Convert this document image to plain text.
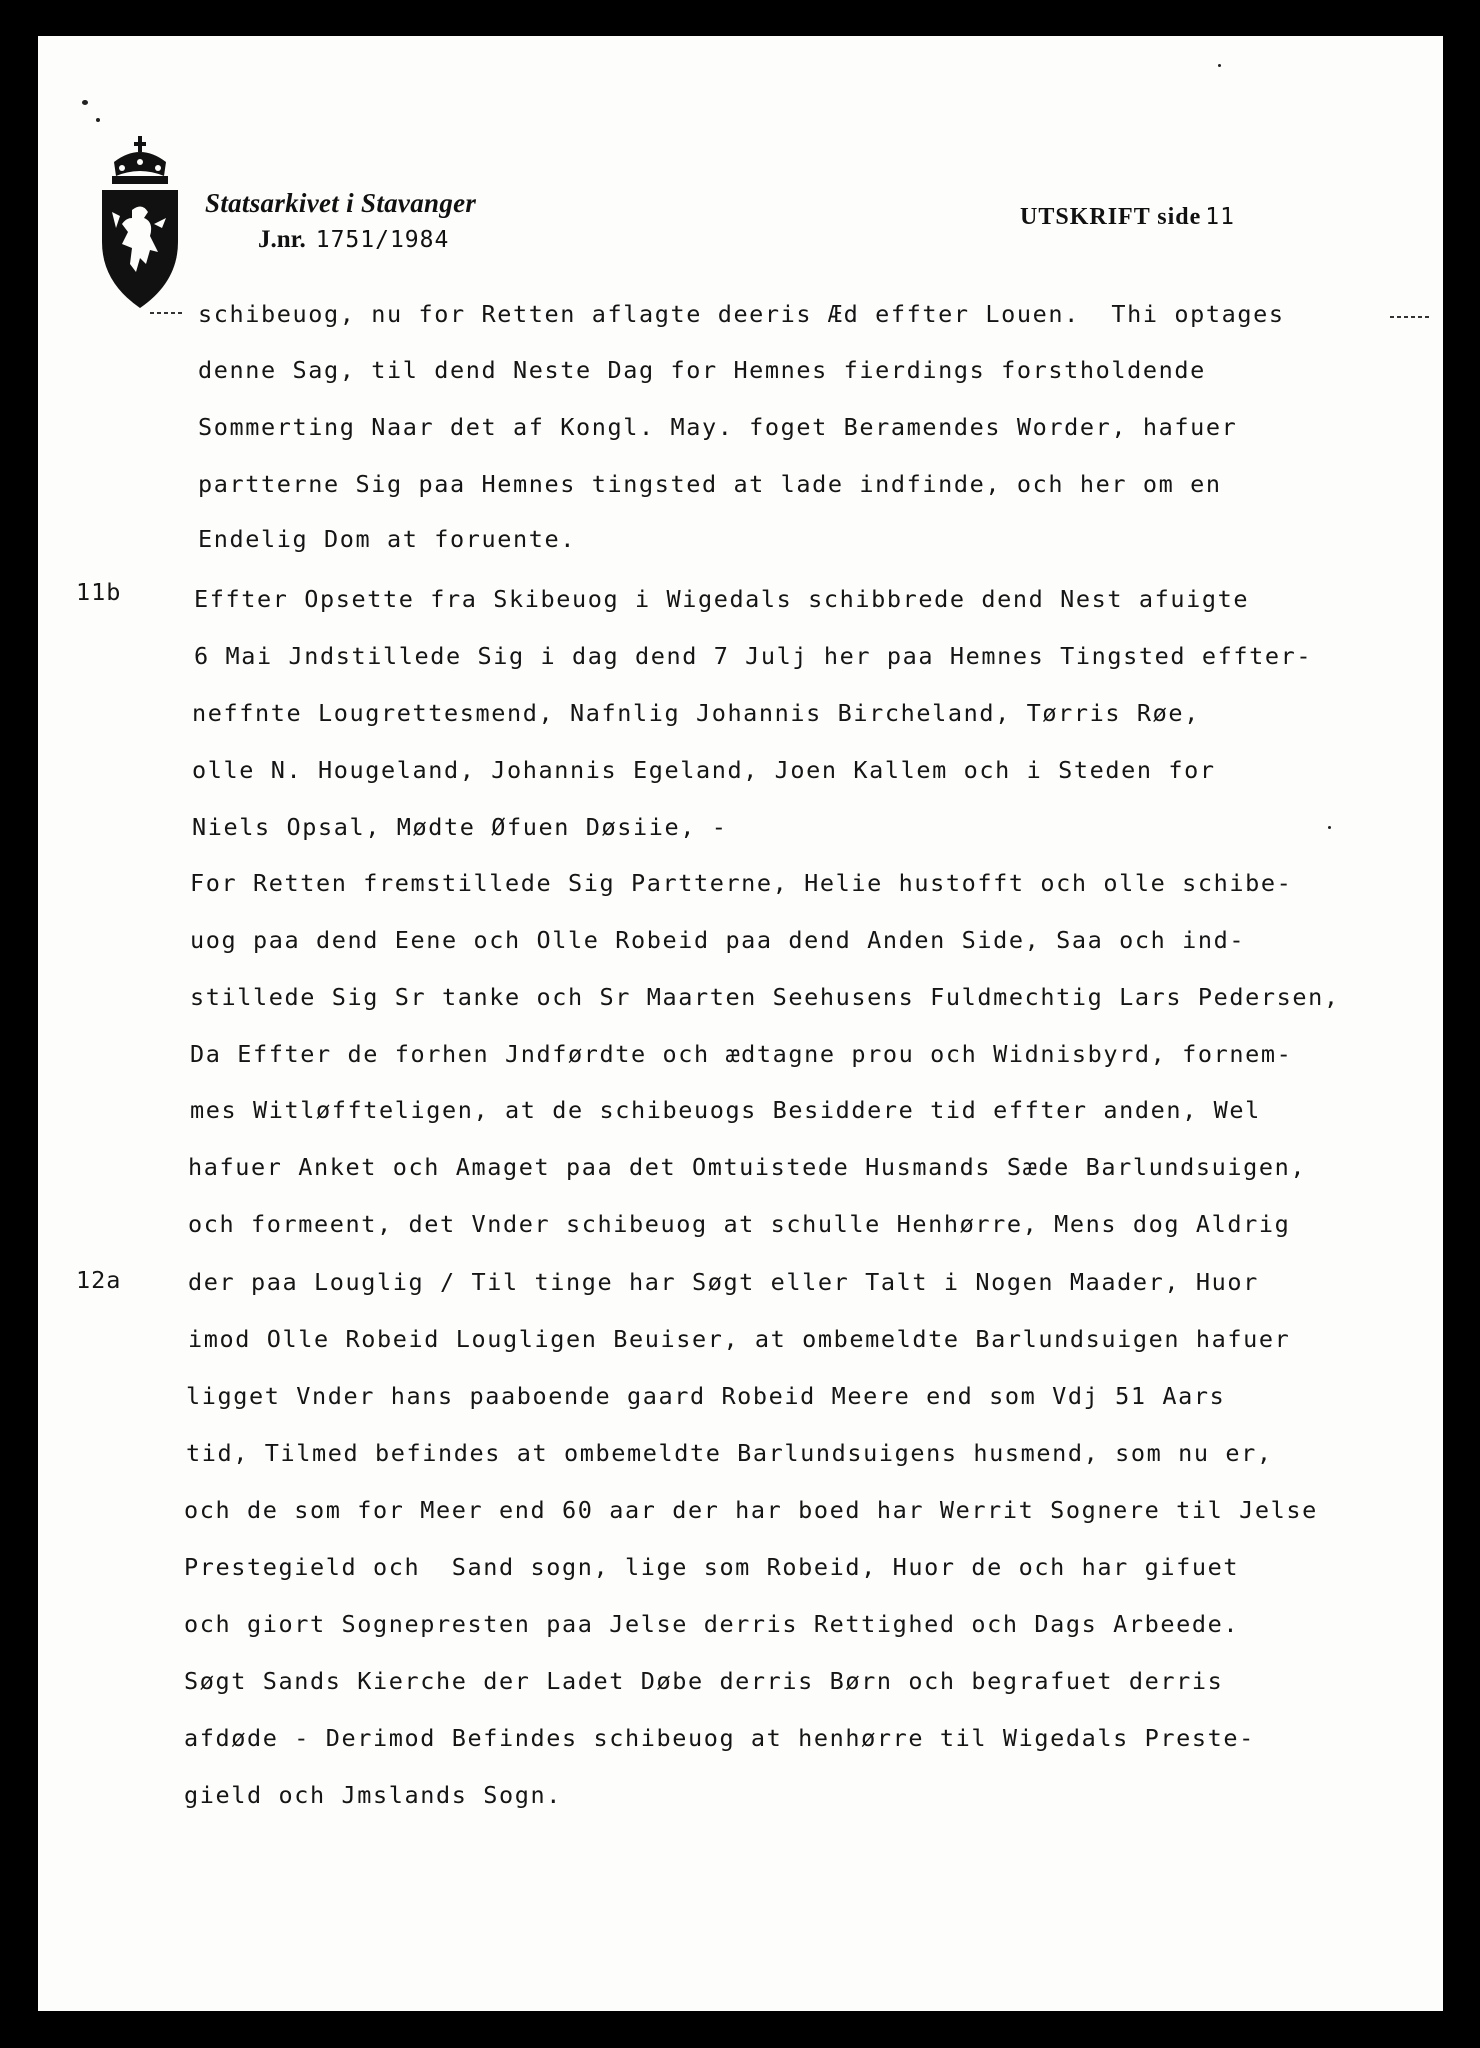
Statsarkivet i Stavanger
J.nr. 1751/1984
UTSKRIFT side 11
11b
12a
schibeuog, nu for Retten aflagte deeris Æd effter Louen.  Thi optages
denne Sag, til dend Neste Dag for Hemnes fierdings forstholdende
Sommerting Naar det af Kongl. May. foget Beramendes Worder, hafuer
partterne Sig paa Hemnes tingsted at lade indfinde, och her om en
Endelig Dom at foruente.
Effter Opsette fra Skibeuog i Wigedals schibbrede dend Nest afuigte
6 Mai Jndstillede Sig i dag dend 7 Julj her paa Hemnes Tingsted effter-
neffnte Lougrettesmend, Nafnlig Johannis Bircheland, Tørris Røe,
olle N. Hougeland, Johannis Egeland, Joen Kallem och i Steden for
Niels Opsal, Mødte Øfuen Døsiie, -
For Retten fremstillede Sig Partterne, Helie hustofft och olle schibe-
uog paa dend Eene och Olle Robeid paa dend Anden Side, Saa och ind-
stillede Sig Sr tanke och Sr Maarten Seehusens Fuldmechtig Lars Pedersen,
Da Effter de forhen Jndførdte och ædtagne prou och Widnisbyrd, fornem-
mes Witløffteligen, at de schibeuogs Besiddere tid effter anden, Wel
hafuer Anket och Amaget paa det Omtuistede Husmands Sæde Barlundsuigen,
och formeent, det Vnder schibeuog at schulle Henhørre, Mens dog Aldrig
der paa Louglig / Til tinge har Søgt eller Talt i Nogen Maader, Huor
imod Olle Robeid Lougligen Beuiser, at ombemeldte Barlundsuigen hafuer
ligget Vnder hans paaboende gaard Robeid Meere end som Vdj 51 Aars
tid, Tilmed befindes at ombemeldte Barlundsuigens husmend, som nu er,
och de som for Meer end 60 aar der har boed har Werrit Sognere til Jelse
Prestegield och  Sand sogn, lige som Robeid, Huor de och har gifuet
och giort Sognepresten paa Jelse derris Rettighed och Dags Arbeede.
Søgt Sands Kierche der Ladet Døbe derris Børn och begrafuet derris
afdøde - Derimod Befindes schibeuog at henhørre til Wigedals Preste-
gield och Jmslands Sogn.
